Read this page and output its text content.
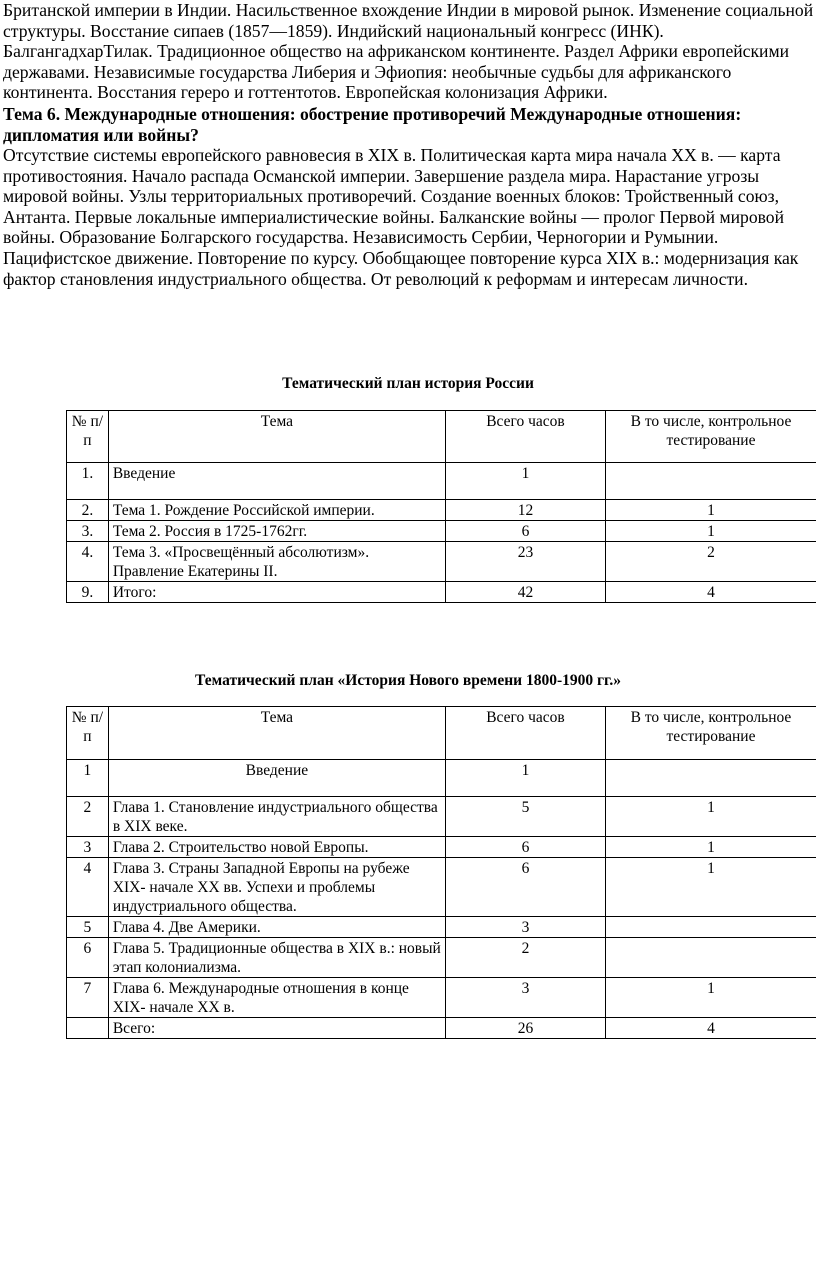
Британской империи в Индии. Насильственное вхождение Индии в мировой рынок. Изменение социальной структуры. Восстание сипаев (1857—1859). Индийский национальный конгресс (ИНК). БалгангадхарТилак. Традиционное общество на африканском континенте. Раздел Африки европейскими державами. Независимые государства Либерия и Эфиопия: необычные судьбы для африканского континента. Восстания гереро и готтентотов. Европейская колонизация Африки.

Тема 6. Международные отношения: обострение противоречий Международные отношения: дипломатия или войны?

Отсутствие системы европейского равновесия в XIX в. Политическая карта мира начала XX в. — карта противостояния. Начало распада Османской империи. Завершение раздела мира. Нарастание угрозы мировой войны. Узлы территориальных противоречий. Создание военных блоков: Тройственный союз, Антанта. Первые локальные империалистические войны. Балканские войны — пролог Первой мировой войны. Образование Болгарского государства. Независимость Сербии, Черногории и Румынии. Пацифистское движение. Повторение по курсу. Обобщающее повторение курса XIX в.: модернизация как фактор становления индустриального общества. От революций к реформам и интересам личности.

Тематический план история России
№ п/п	Тема	Всего часов	В то числе, контрольное тестирование
1.	Введение	1	
2.	Тема 1. Рождение Российской империи.	12	1
3.	Тема 2. Россия в 1725-1762гг.	6	1
4.	Тема 3. «Просвещённый абсолютизм». Правление Екатерины II.	23	2
9.	Итого:	42	4
Тематический план «История Нового времени 1800-1900 гг.»
№ п/п	Тема	Всего часов	В то числе, контрольное тестирование
1	Введение	1	
2	Глава 1. Становление индустриального общества в XIX веке.	5	1
3	Глава 2. Строительство новой Европы.	6	1
4	Глава 3. Страны Западной Европы на рубеже XIX- начале XX вв. Успехи и проблемы индустриального общества.	6	1
5	Глава 4. Две Америки.	3	
6	Глава 5. Традиционные общества в XIX в.: новый этап колониализма.	2	
7	Глава 6. Международные отношения в конце XIX- начале XX в.	3	1
	Всего:	26	4
